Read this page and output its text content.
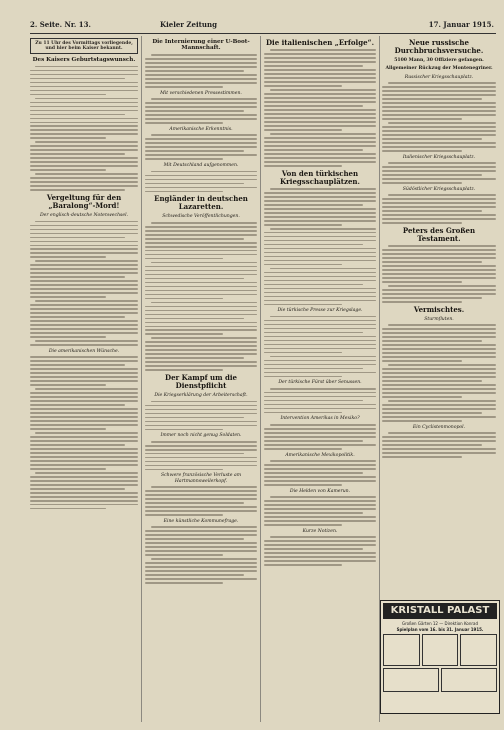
2. Seite. Nr. 13.	Kieler Zeitung	17. Januar 1915.
Zu 11 Uhr des Vormittags vorliegende, und hier beim Kaiser bekannt.
Des Kaisers Geburtstagswunsch.
Vergeltung für den „Baralong“-Mord!
Der englisch-deutsche Notenwechsel.
Die amerikanischen Wünsche.
Die Internierung einer U-Boot-Mannschaft.
Mit verschiedenen Pressestimmen.
Amerikanische Erkenntnis.
Mit Deutschland aufgenommen.
Engländer in deutschen Lazaretten.
Schwedische Veröffentlichungen.
Der Kampf um die Dienstpflicht
Die Kriegserklärung der Arbeiterschaft.
Immer noch nicht genug Soldaten.
Schwere französische Verluste am Hartmannsweilerkopf.
Eine künstliche Kommunefrage.
Die italienischen „Erfolge“.
Von den türkischen Kriegsschauplätzen.
Die türkische Presse zur Kriegslage.
Der türkische Fürst über Senussen.
Intervention Amerikas in Mexiko?
Amerikanische Mexikopolitik.
Die Helden von Kamerun.
Kurze Notizen.
Neue russische Durchbruchsversuche.
5100 Mann, 30 Offiziere gefangen.
Allgemeiner Rückzug der Montenegriner.
Russischer Kriegsschauplatz.
Italienischer Kriegsschauplatz.
Südöstlicher Kriegsschauplatz.
Peters des Großen Testament.
Vermischtes.
Sturmfluten.
Ein Cyclistenmonopol.
KRISTALL PALAST
Großen Gärten 12 — Direktion Konrad
Spielplan vom 16. bis 31. Januar 1915.
